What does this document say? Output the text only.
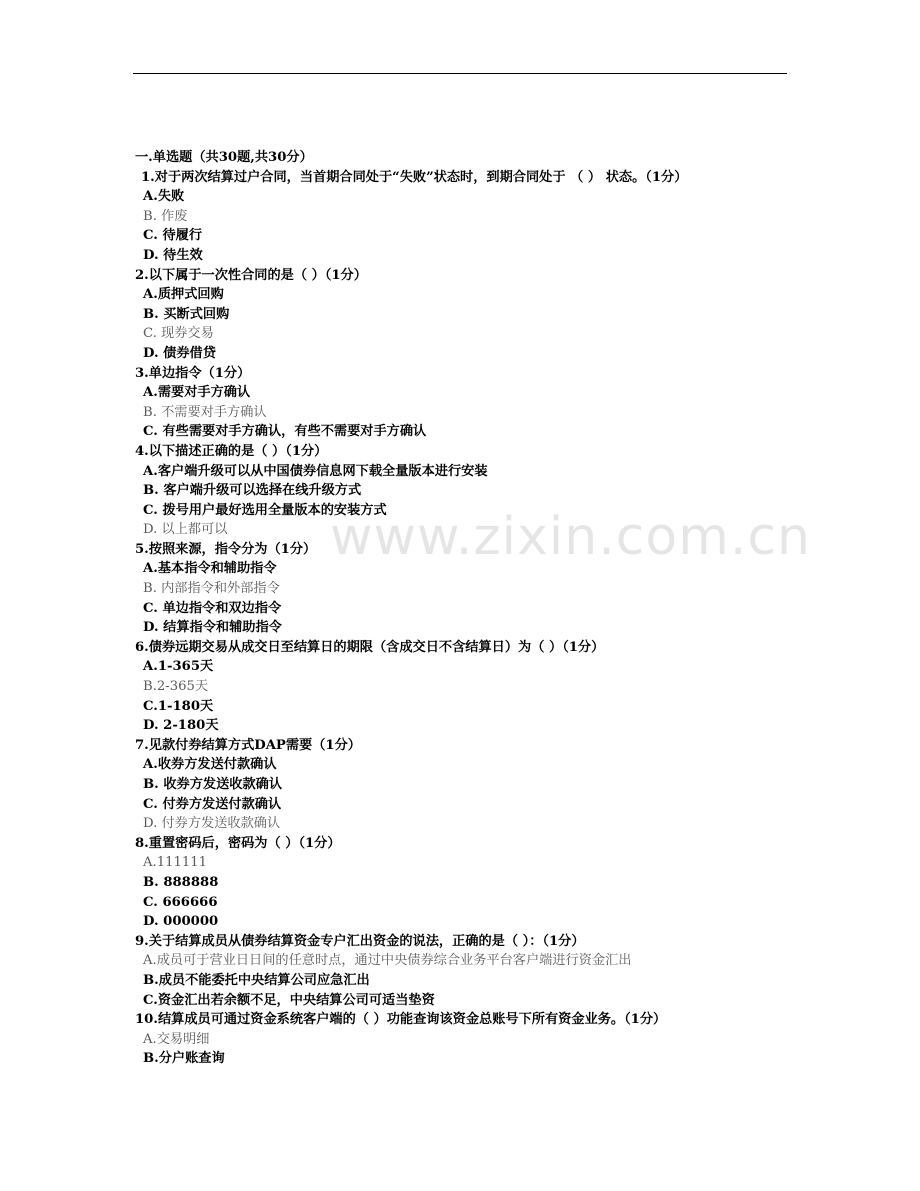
www.zixin.com.cn
一.单选题（共30题,共30分）
1.对于两次结算过户合同，当首期合同处于“失败”状态时，到期合同处于 （ ） 状态。（1分）
A.失败
B. 作废
C. 待履行
D. 待生效
2.以下属于一次性合同的是（ ）（1分）
A.质押式回购
B. 买断式回购
C. 现券交易
D. 债券借贷
3.单边指令（1分）
A.需要对手方确认
B. 不需要对手方确认
C. 有些需要对手方确认，有些不需要对手方确认
4.以下描述正确的是（ ）（1分）
A.客户端升级可以从中国债券信息网下载全量版本进行安装
B. 客户端升级可以选择在线升级方式
C. 拨号用户最好选用全量版本的安装方式
D. 以上都可以
5.按照来源，指令分为（1分）
A.基本指令和辅助指令
B. 内部指令和外部指令
C. 单边指令和双边指令
D. 结算指令和辅助指令
6.债券远期交易从成交日至结算日的期限（含成交日不含结算日）为（ ）（1分）
A.1-365天
B.2-365天
C.1-180天
D. 2-180天
7.见款付券结算方式DAP需要（1分）
A.收券方发送付款确认
B. 收券方发送收款确认
C. 付券方发送付款确认
D. 付券方发送收款确认
8.重置密码后，密码为（ ）（1分）
A.111111
B. 888888
C. 666666
D. 000000
9.关于结算成员从债券结算资金专户汇出资金的说法，正确的是（ ）：（1分）
A.成员可于营业日日间的任意时点，通过中央债券综合业务平台客户端进行资金汇出
B.成员不能委托中央结算公司应急汇出
C.资金汇出若余额不足，中央结算公司可适当垫资
10.结算成员可通过资金系统客户端的（ ）功能查询该资金总账号下所有资金业务。（1分）
A.交易明细
B.分户账查询
